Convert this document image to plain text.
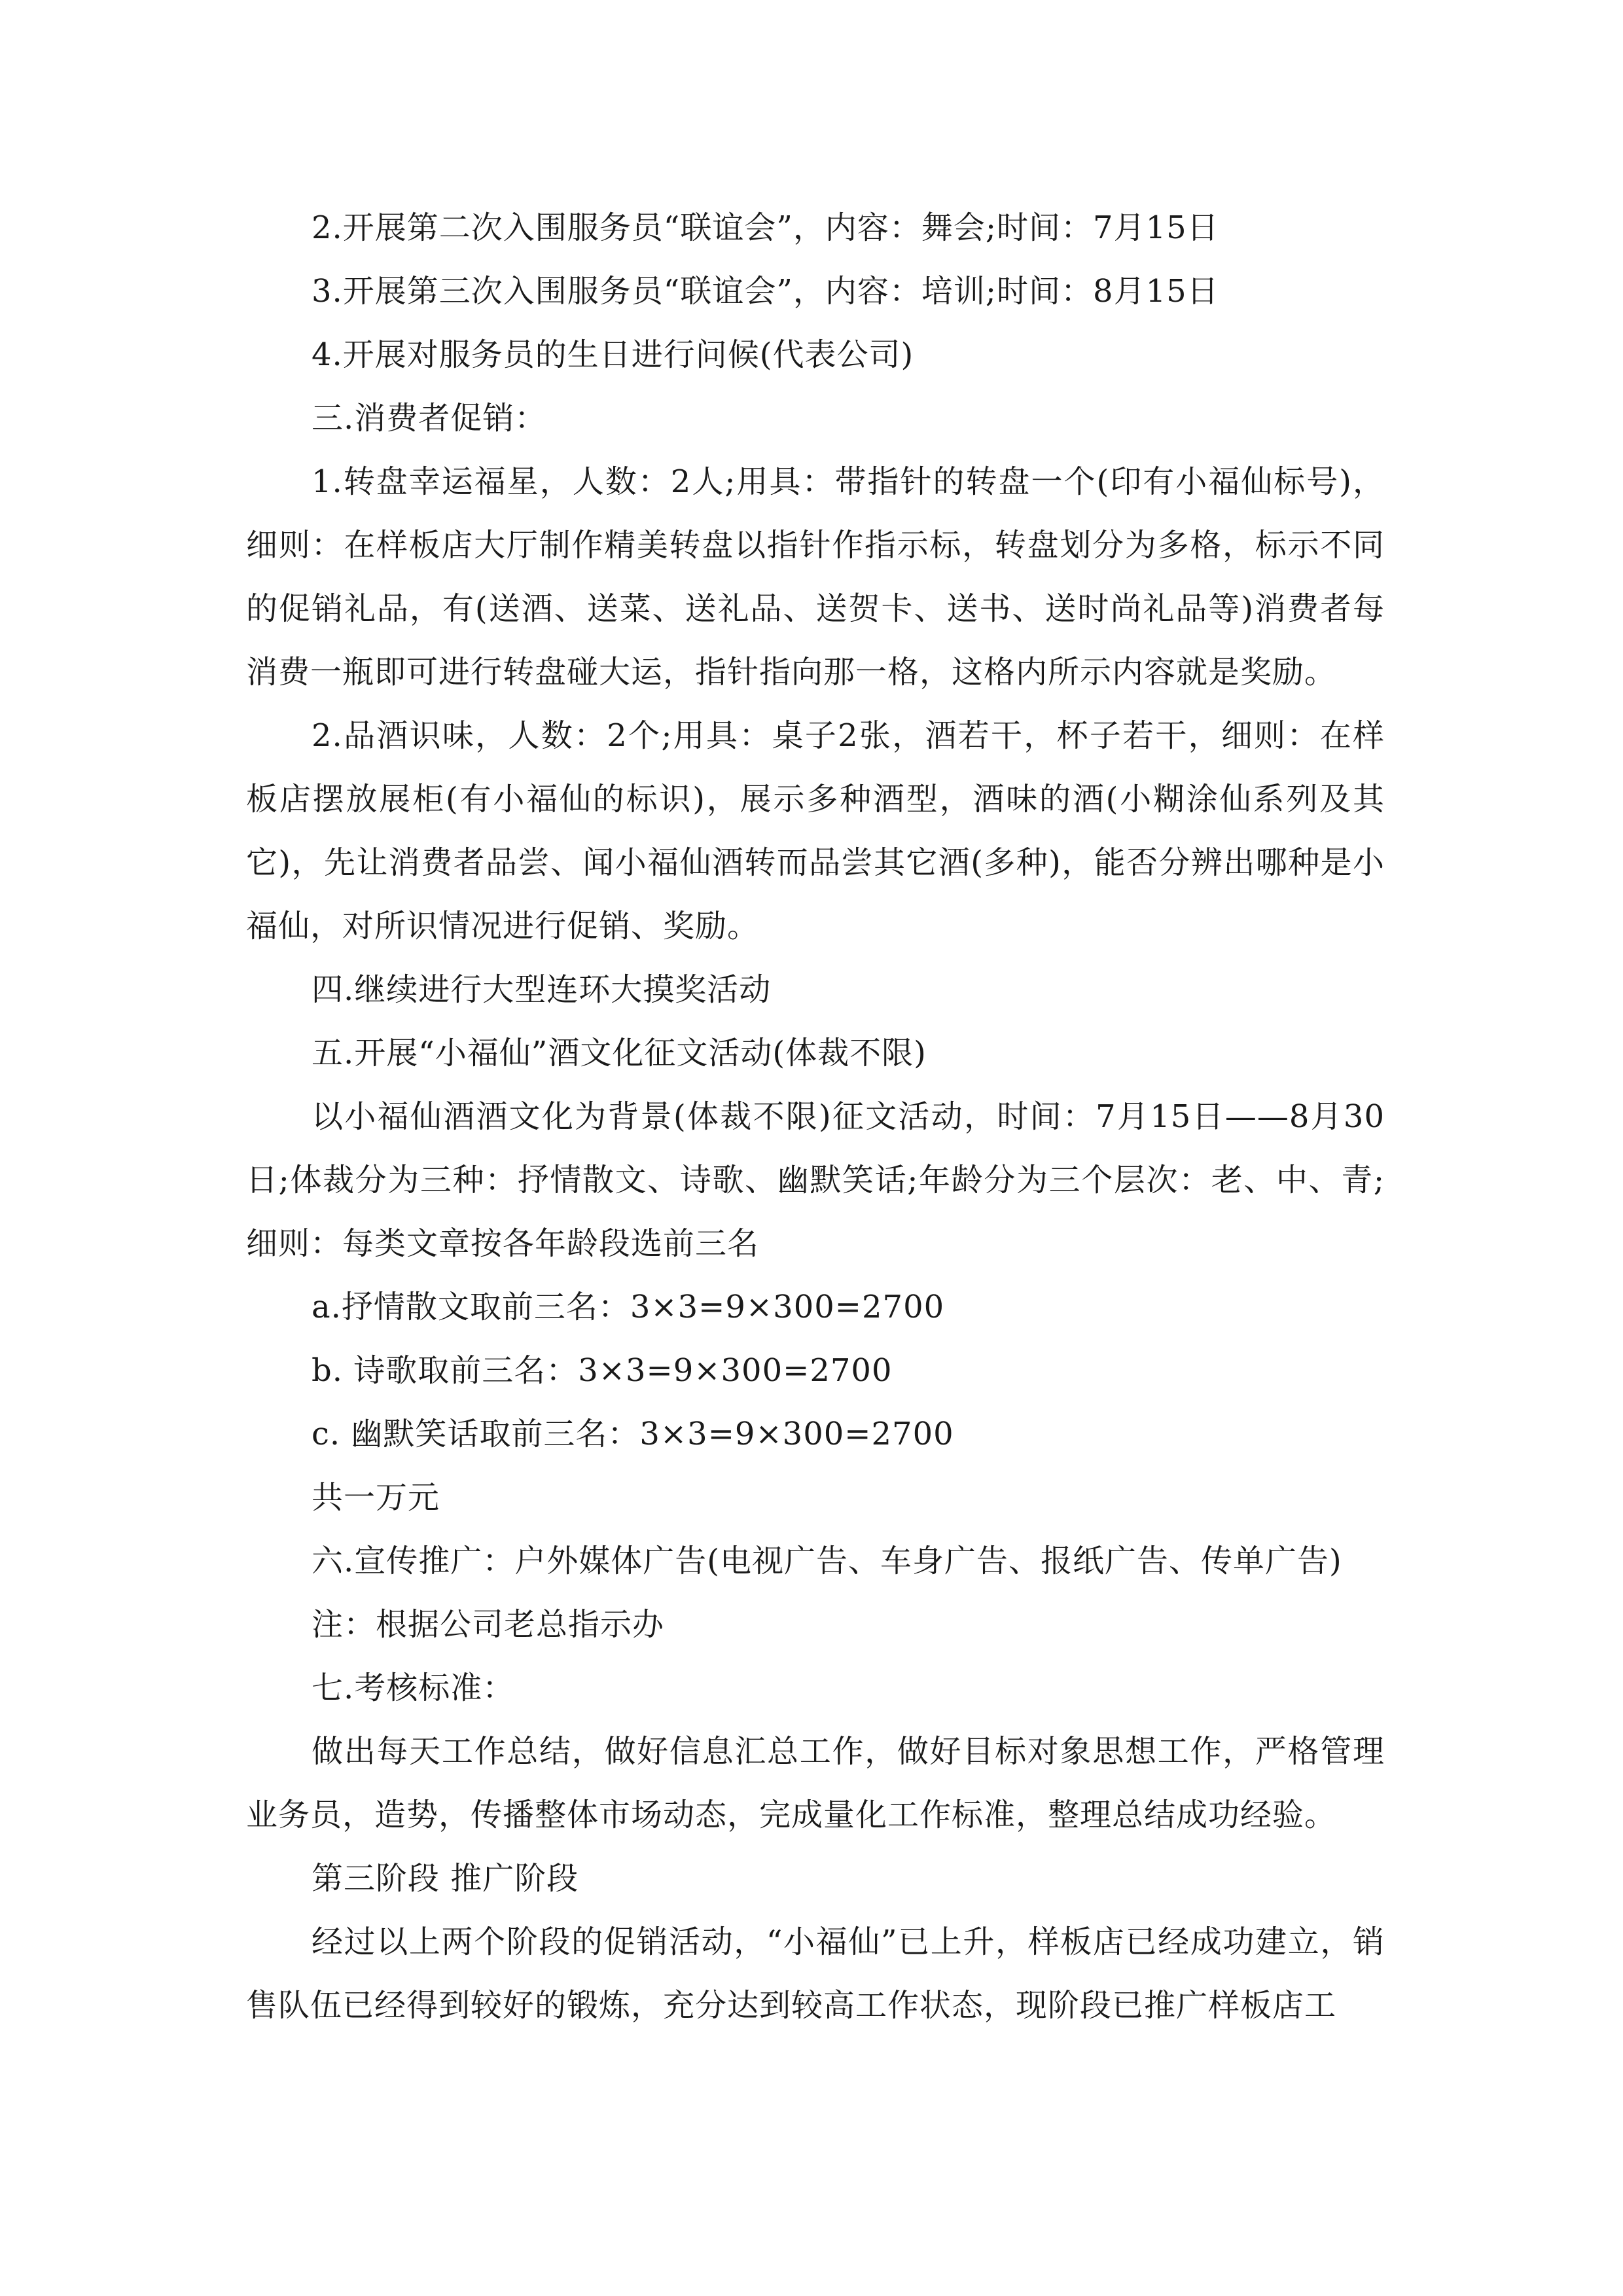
2.开展第二次入围服务员“联谊会”，内容：舞会;时间：7月15日

3.开展第三次入围服务员“联谊会”，内容：培训;时间：8月15日

4.开展对服务员的生日进行问候(代表公司)

三.消费者促销：

1.转盘幸运福星，人数：2人;用具：带指针的转盘一个(印有小福仙标号)，细则：在样板店大厅制作精美转盘以指针作指示标，转盘划分为多格，标示不同的促销礼品，有(送酒、送菜、送礼品、送贺卡、送书、送时尚礼品等)消费者每消费一瓶即可进行转盘碰大运，指针指向那一格，这格内所示内容就是奖励。

2.品酒识味，人数：2个;用具：桌子2张，酒若干，杯子若干，细则：在样板店摆放展柜(有小福仙的标识)，展示多种酒型，酒味的酒(小糊涂仙系列及其它)，先让消费者品尝、闻小福仙酒转而品尝其它酒(多种)，能否分辨出哪种是小福仙，对所识情况进行促销、奖励。

四.继续进行大型连环大摸奖活动

五.开展“小福仙”酒文化征文活动(体裁不限)

以小福仙酒酒文化为背景(体裁不限)征文活动，时间：7月15日——8月30日;体裁分为三种：抒情散文、诗歌、幽默笑话;年龄分为三个层次：老、中、青;细则：每类文章按各年龄段选前三名

a.抒情散文取前三名：3×3=9×300=2700

b. 诗歌取前三名：3×3=9×300=2700

c. 幽默笑话取前三名：3×3=9×300=2700

共一万元

六.宣传推广：户外媒体广告(电视广告、车身广告、报纸广告、传单广告)

注：根据公司老总指示办

七.考核标准：

做出每天工作总结，做好信息汇总工作，做好目标对象思想工作，严格管理业务员，造势，传播整体市场动态，完成量化工作标准，整理总结成功经验。

第三阶段 推广阶段

经过以上两个阶段的促销活动，“小福仙”已上升，样板店已经成功建立，销售队伍已经得到较好的锻炼，充分达到较高工作状态，现阶段已推广样板店工
